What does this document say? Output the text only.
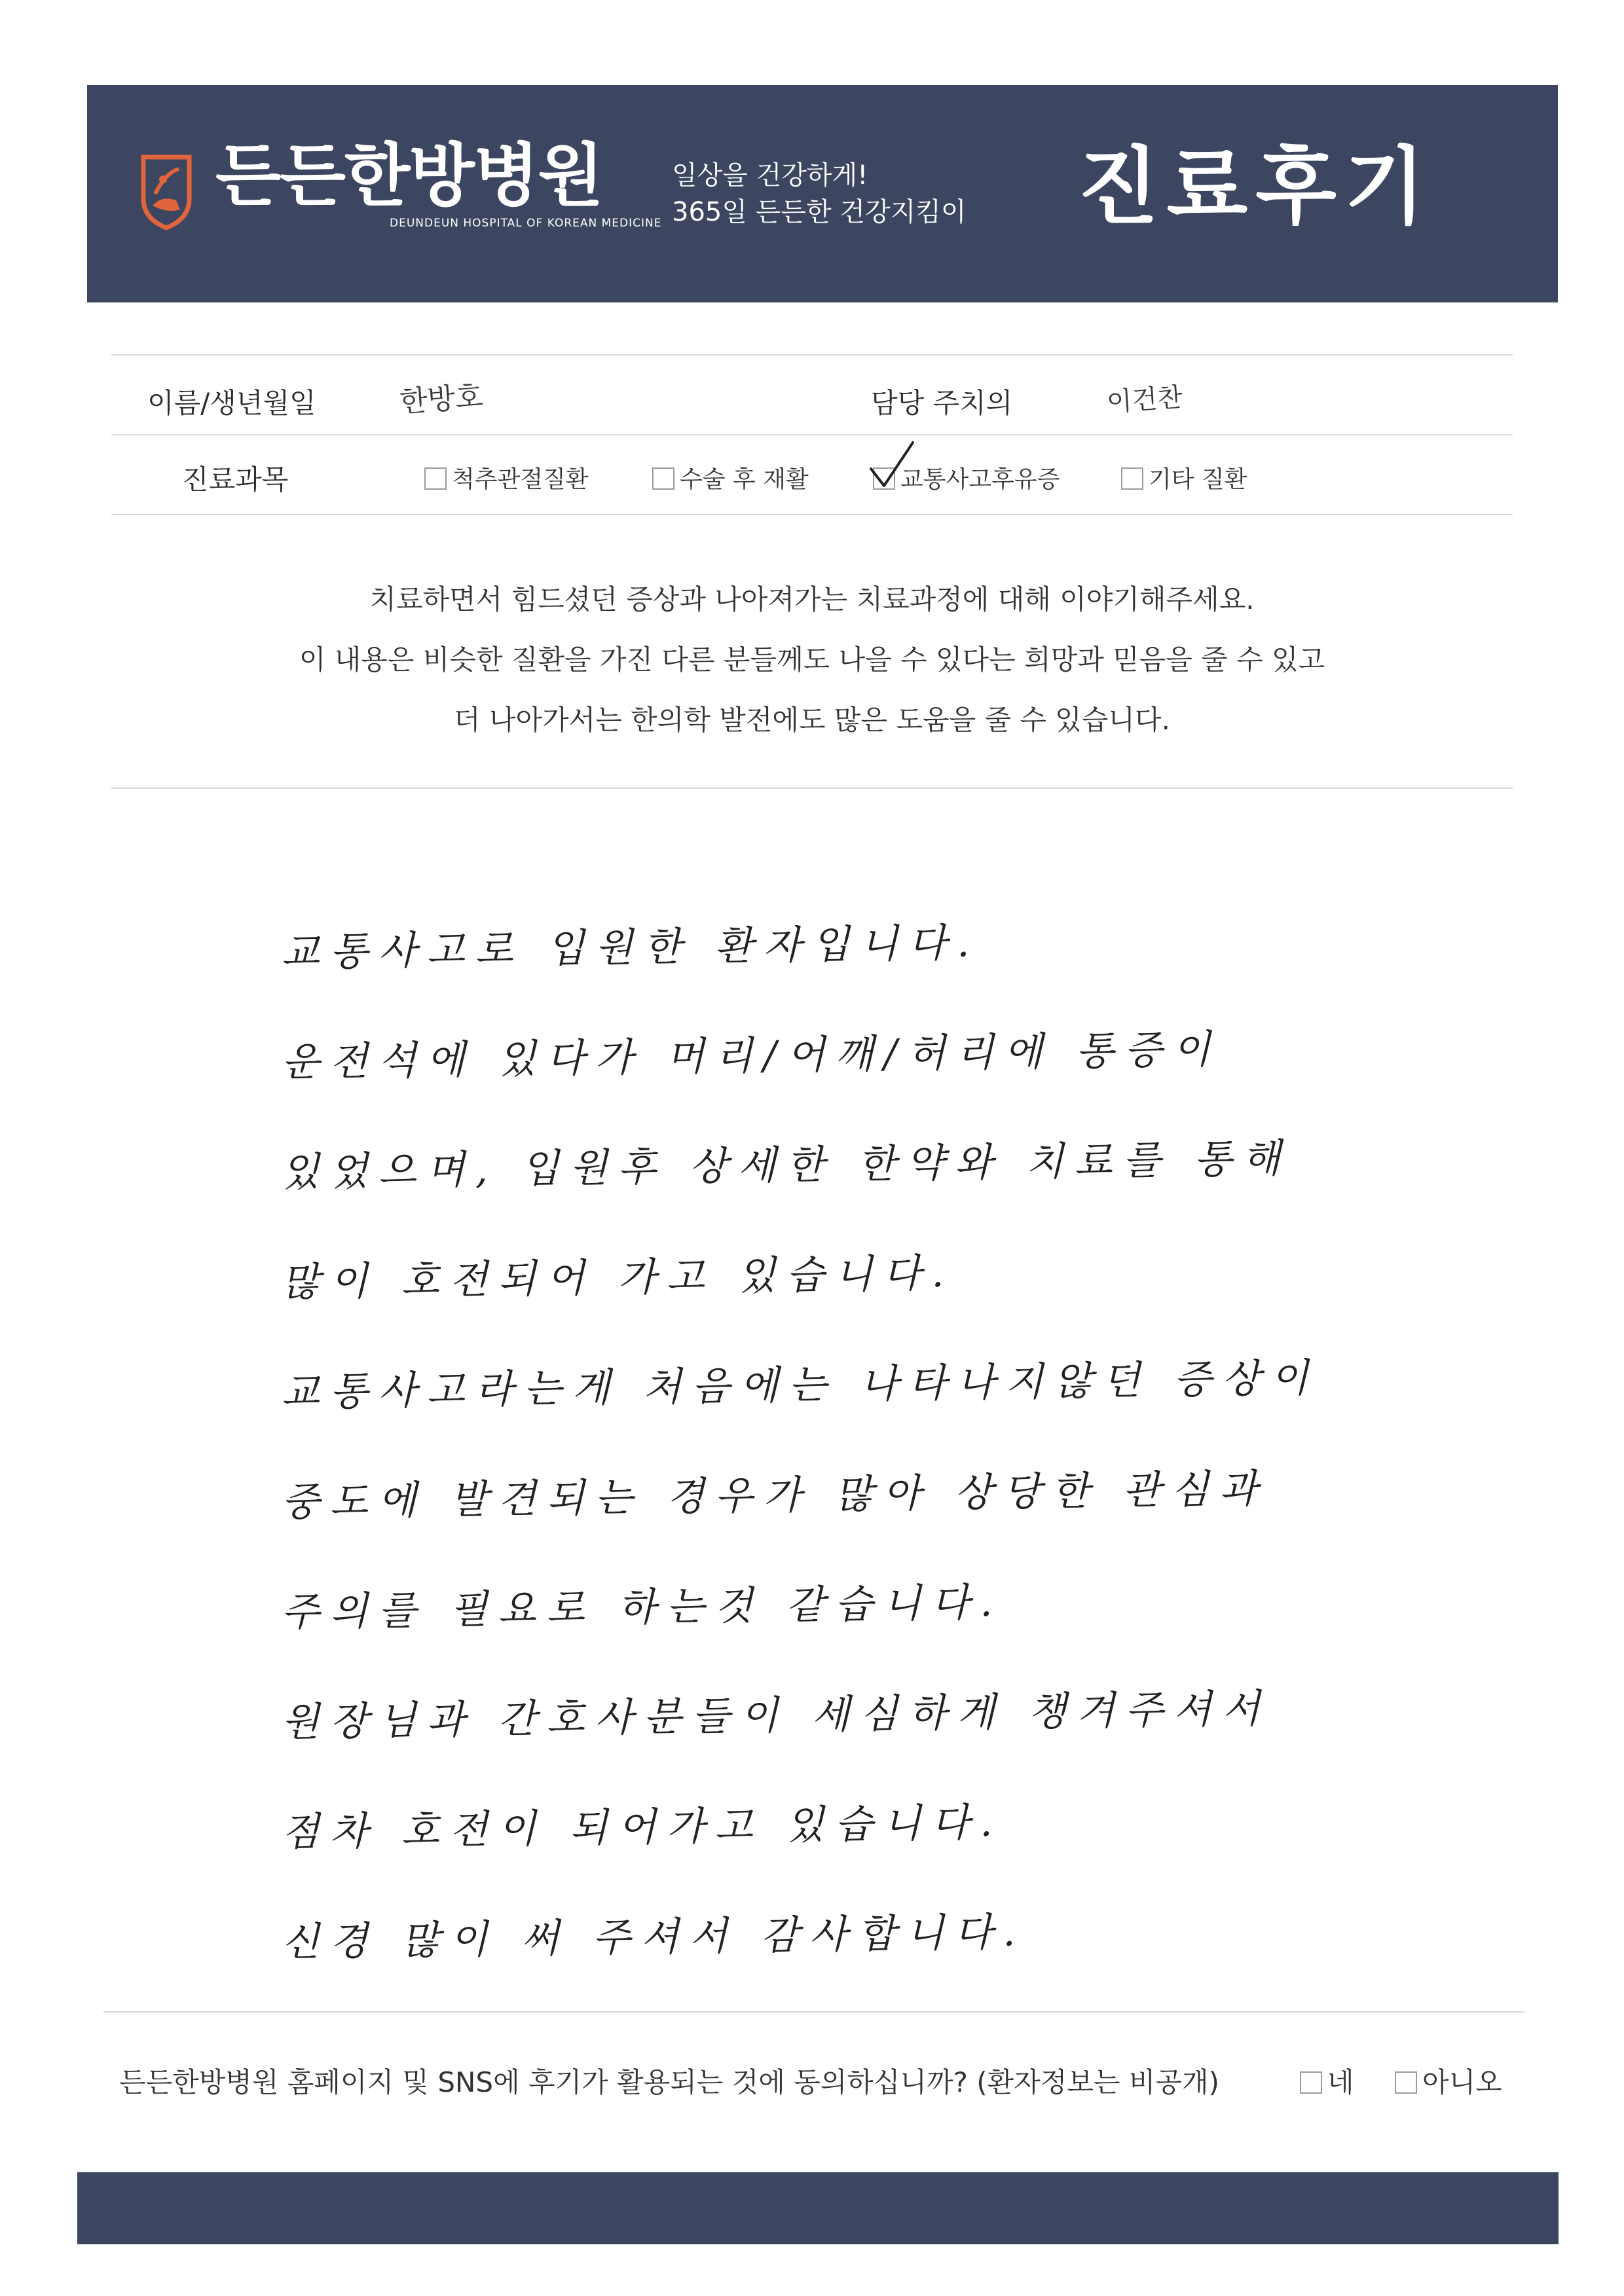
든든한방병원
DEUNDEUN HOSPITAL OF KOREAN MEDICINE
일상을 건강하게!
365일 든든한 건강지킴이 진료후기
이름/생년월일	한방호	담당 주치의	이건찬
진료과목	척추관절질환	수술 후 재활	교통사고후유증	기타 질환
치료하면서 힘드셨던 증상과 나아져가는 치료과정에 대해 이야기해주세요.
이 내용은 비슷한 질환을 가진 다른 분들께도 나을 수 있다는 희망과 믿음을 줄 수 있고
더 나아가서는 한의학 발전에도 많은 도움을 줄 수 있습니다.
교통사고로 입원한 환자입니다.
운전석에 있다가 머리/어깨/허리에 통증이
있었으며, 입원후 상세한 한약와 치료를 통해
많이 호전되어 가고 있습니다.
교통사고라는게 처음에는 나타나지않던 증상이
중도에 발견되는 경우가 많아 상당한 관심과
주의를 필요로 하는것 같습니다.
원장님과 간호사분들이 세심하게 챙겨주셔서
점차 호전이 되어가고 있습니다.
신경 많이 써 주셔서 감사합니다.
든든한방병원 홈페이지 및 SNS에 후기가 활용되는 것에 동의하십니까? (환자정보는 비공개)	네	아니오
